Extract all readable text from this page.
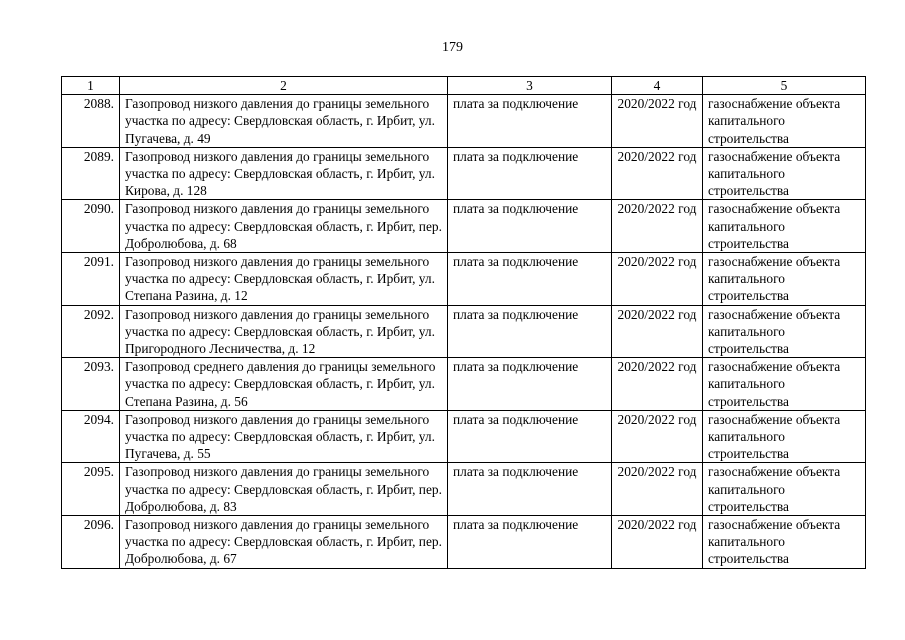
179
1	2	3	4	5
2088.	Газопровод низкого давления до границы земельного участка по адресу: Свердловская область, г. Ирбит, ул. Пугачева, д. 49	плата за подключение	2020/2022 год	газоснабжение объекта капитального строительства
2089.	Газопровод низкого давления до границы земельного участка по адресу: Свердловская область, г. Ирбит, ул. Кирова, д. 128	плата за подключение	2020/2022 год	газоснабжение объекта капитального строительства
2090.	Газопровод низкого давления до границы земельного участка по адресу: Свердловская область, г. Ирбит, пер. Добролюбова, д. 68	плата за подключение	2020/2022 год	газоснабжение объекта капитального строительства
2091.	Газопровод низкого давления до границы земельного участка по адресу: Свердловская область, г. Ирбит, ул. Степана Разина, д. 12	плата за подключение	2020/2022 год	газоснабжение объекта капитального строительства
2092.	Газопровод низкого давления до границы земельного участка по адресу: Свердловская область, г. Ирбит, ул. Пригородного Лесничества, д. 12	плата за подключение	2020/2022 год	газоснабжение объекта капитального строительства
2093.	Газопровод среднего давления до границы земельного участка по адресу: Свердловская область, г. Ирбит, ул. Степана Разина, д. 56	плата за подключение	2020/2022 год	газоснабжение объекта капитального строительства
2094.	Газопровод низкого давления до границы земельного участка по адресу: Свердловская область, г. Ирбит, ул. Пугачева, д. 55	плата за подключение	2020/2022 год	газоснабжение объекта капитального строительства
2095.	Газопровод низкого давления до границы земельного участка по адресу: Свердловская область, г. Ирбит, пер. Добролюбова, д. 83	плата за подключение	2020/2022 год	газоснабжение объекта капитального строительства
2096.	Газопровод низкого давления до границы земельного участка по адресу: Свердловская область, г. Ирбит, пер. Добролюбова, д. 67	плата за подключение	2020/2022 год	газоснабжение объекта капитального строительства
